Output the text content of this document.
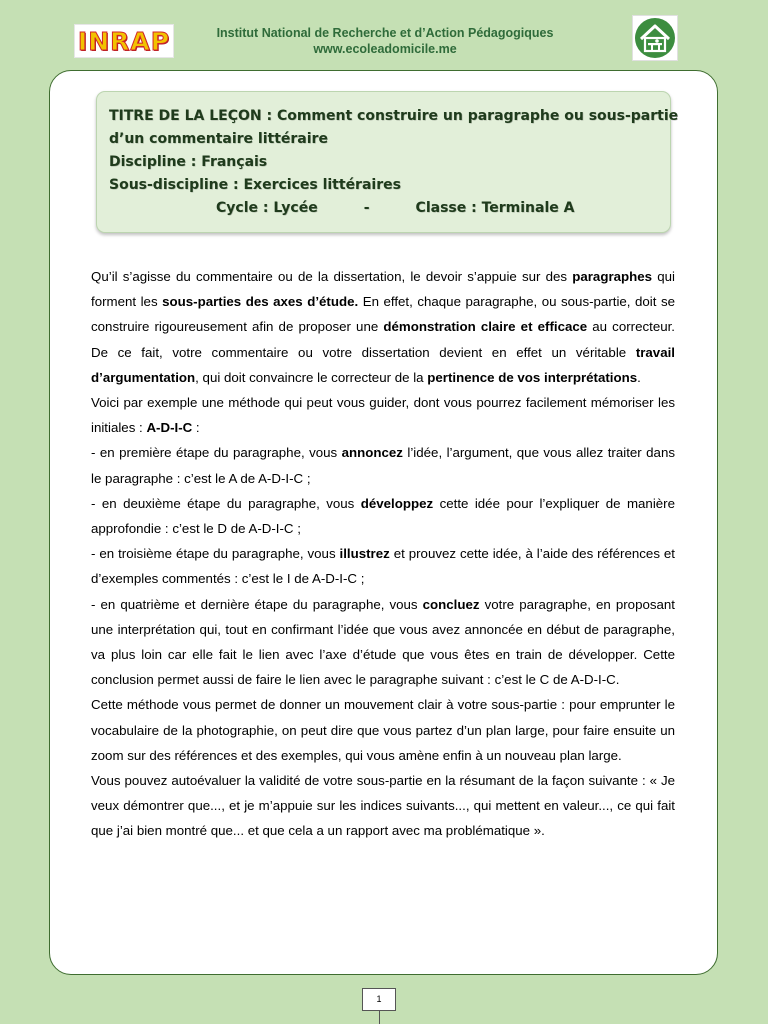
INRAP	Institut National de Recherche et d’Action Pédagogiques
www.ecoleadomicile.me
TITRE DE LA LEÇON : Comment construire un paragraphe ou sous-partie
d’un commentaire littéraire
Discipline : Français
Sous-discipline : Exercices littéraires
Cycle : Lycée	-	Classe : Terminale A

Qu’il s’agisse du commentaire ou de la dissertation, le devoir s’appuie sur des paragraphes qui forment les sous-parties des axes d’étude. En effet, chaque paragraphe, ou sous-partie, doit se construire rigoureusement afin de proposer une démonstration claire et efficace au correcteur. De ce fait, votre commentaire ou votre dissertation devient en effet un véritable travail d’argumentation, qui doit convaincre le correcteur de la pertinence de vos interprétations.

Voici par exemple une méthode qui peut vous guider, dont vous pourrez facilement mémoriser les initiales : A-D-I-C :

- en première étape du paragraphe, vous annoncez l’idée, l’argument, que vous allez traiter dans le paragraphe : c’est le A de A-D-I-C ;

- en deuxième étape du paragraphe, vous développez cette idée pour l’expliquer de manière approfondie : c’est le D de A-D-I-C ;

- en troisième étape du paragraphe, vous illustrez et prouvez cette idée, à l’aide des références et d’exemples commentés : c’est le I de A-D-I-C ;

- en quatrième et dernière étape du paragraphe, vous concluez votre paragraphe, en proposant une interprétation qui, tout en confirmant l’idée que vous avez annoncée en début de paragraphe, va plus loin car elle fait le lien avec l’axe d’étude que vous êtes en train de développer. Cette conclusion permet aussi de faire le lien avec le paragraphe suivant : c’est le C de A-D-I-C.

Cette méthode vous permet de donner un mouvement clair à votre sous-partie : pour emprunter le vocabulaire de la photographie, on peut dire que vous partez d’un plan large, pour faire ensuite un zoom sur des références et des exemples, qui vous amène enfin à un nouveau plan large.

Vous pouvez autoévaluer la validité de votre sous-partie en la résumant de la façon suivante : « Je veux démontrer que..., et je m’appuie sur les indices suivants..., qui mettent en valeur..., ce qui fait que j’ai bien montré que... et que cela a un rapport avec ma problématique ».

1
